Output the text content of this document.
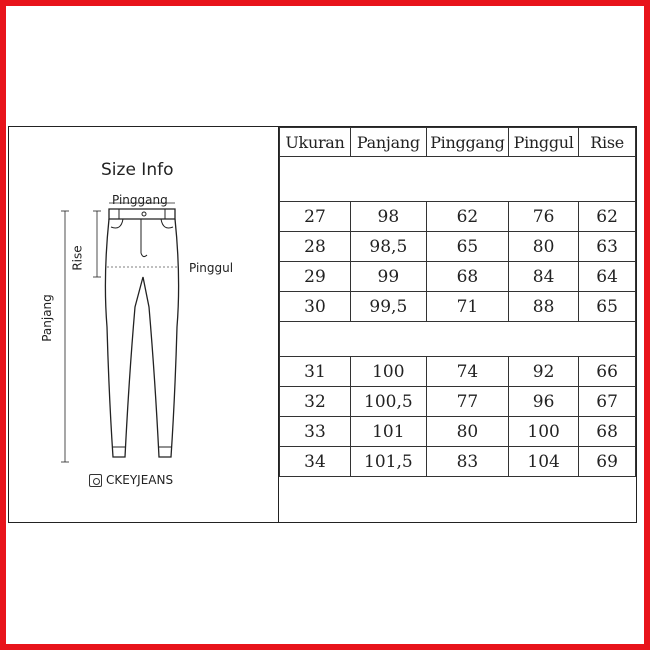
Size Info
Pinggang
Pinggul
Rise
Panjang
CKEYJEANS
Ukuran	Panjang	Pinggang	Pinggul	Rise

27	98	62	76	62
28	98,5	65	80	63
29	99	68	84	64
30	99,5	71	88	65

31	100	74	92	66
32	100,5	77	96	67
33	101	80	100	68
34	101,5	83	104	69
